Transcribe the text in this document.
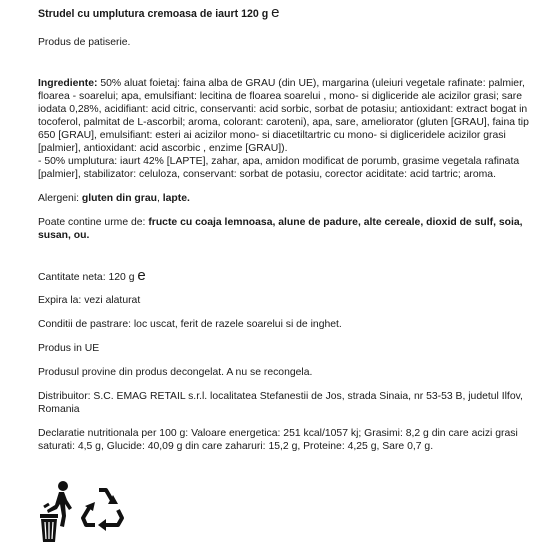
Strudel cu umplutura cremoasa de iaurt 120 g e

Produs de patiserie.

Ingrediente: 50% aluat foietaj: faina alba de GRAU (din UE), margarina (uleiuri vegetale rafinate: palmier, floarea - soarelui; apa, emulsifiant: lecitina de floarea soarelui , mono- si digliceride ale acizilor grasi; sare iodata 0,28%, acidifiant: acid citric, conservanti: acid sorbic, sorbat de potasiu; antioxidant: extract bogat in tocoferol, palmitat de L-ascorbil; aroma, colorant: caroteni), apa, sare, ameliorator (gluten [GRAU], faina tip 650 [GRAU], emulsifiant: esteri ai acizilor mono- si diacetiltartric cu mono- si digliceridele acizilor grasi [palmier], antioxidant: acid ascorbic , enzime [GRAU]).
- 50% umplutura: iaurt 42% [LAPTE], zahar, apa, amidon modificat de porumb, grasime vegetala rafinata [palmier], stabilizator: celuloza, conservant: sorbat de potasiu, corector aciditate: acid tartric; aroma.

Alergeni: gluten din grau, lapte.

Poate contine urme de: fructe cu coaja lemnoasa, alune de padure, alte cereale, dioxid de sulf, soia, susan, ou.

Cantitate neta: 120 g e

Expira la: vezi alaturat

Conditii de pastrare: loc uscat, ferit de razele soarelui si de inghet.

Produs in UE

Produsul provine din produs decongelat. A nu se recongela.

Distribuitor: S.C. EMAG RETAIL s.r.l. localitatea Stefanestii de Jos, strada Sinaia, nr 53-53 B, judetul Ilfov, Romania

Declaratie nutritionala per 100 g: Valoare energetica: 251 kcal/1057 kj; Grasimi: 8,2 g din care acizi grasi saturati: 4,5 g, Glucide: 40,09 g din care zaharuri: 15,2 g, Proteine: 4,25 g, Sare 0,7 g.
